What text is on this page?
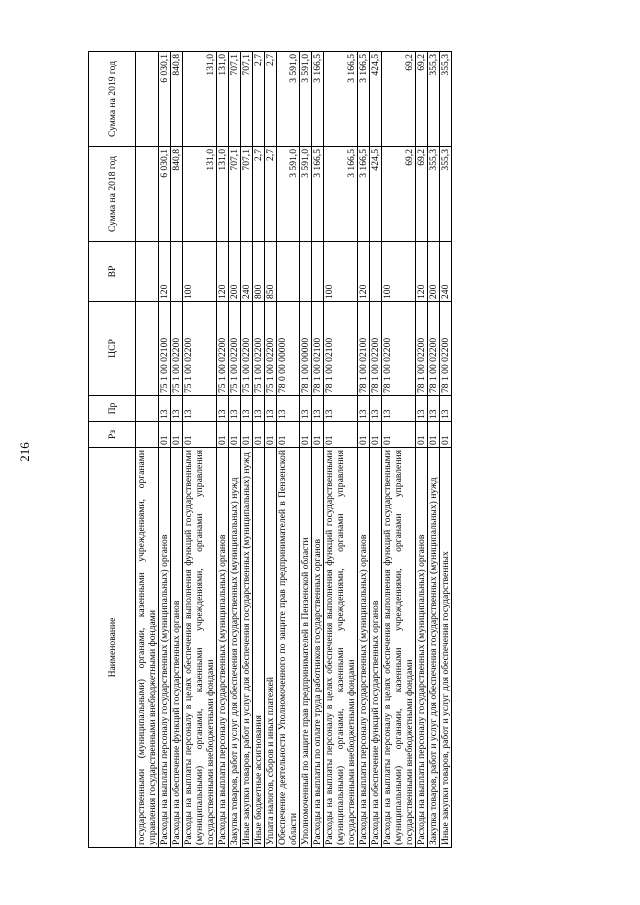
216
Наименование	Рз	Пр	ЦСР	ВР	Сумма на 2018 год	Сумма на 2019 год
государственными (муниципальными) органами, казенными учреждениями, органами управления государственными внебюджетными фондами						
Расходы на выплаты персоналу государственных (муниципальных) органов	01	13	75 1 00 02100	120	6 030,1	6 030,1
Расходы на обеспечение функций государственных органов	01	13	75 1 00 02200		840,8	840,8
Расходы на выплаты персоналу в целях обеспечения выполнения функций государственными (муниципальными) органами, казенными учреждениями, органами управления государственными внебюджетными фондами	01	13	75 1 00 02200	100	131,0	131,0
Расходы на выплаты персоналу государственных (муниципальных) органов	01	13	75 1 00 02200	120	131,0	131,0
Закупка товаров, работ и услуг для обеспечения государственных (муниципальных) нужд	01	13	75 1 00 02200	200	707,1	707,1
Иные закупки товаров, работ и услуг для обеспечения государственных (муниципальных) нужд	01	13	75 1 00 02200	240	707,1	707,1
Иные бюджетные ассигнования	01	13	75 1 00 02200	800	2,7	2,7
Уплата налогов, сборов и иных платежей	01	13	75 1 00 02200	850	2,7	2,7
Обеспечение деятельности Уполномоченного по защите прав предпринимателей в Пензенской области	01	13	78 0 00 00000		3 591,0	3 591,0
Уполномоченный по защите прав предпринимателей в Пензенской области	01	13	78 1 00 00000		3 591,0	3 591,0
Расходы на выплаты по оплате труда работников государственных органов	01	13	78 1 00 02100		3 166,5	3 166,5
Расходы на выплаты персоналу в целях обеспечения выполнения функций государственными (муниципальными) органами, казенными учреждениями, органами управления государственными внебюджетными фондами	01	13	78 1 00 02100	100	3 166,5	3 166,5
Расходы на выплаты персоналу государственных (муниципальных) органов	01	13	78 1 00 02100	120	3 166,5	3 166,5
Расходы на обеспечение функций государственных органов	01	13	78 1 00 02200		424,5	424,5
Расходы на выплаты персоналу в целях обеспечения выполнения функций государственными (муниципальными) органами, казенными учреждениями, органами управления государственными внебюджетными фондами	01	13	78 1 00 02200	100	69,2	69,2
Расходы на выплаты персоналу государственных (муниципальных) органов	01	13	78 1 00 02200	120	69,2	69,2
Закупка товаров, работ и услуг для обеспечения государственных (муниципальных) нужд	01	13	78 1 00 02200	200	355,3	355,3
Иные закупки товаров, работ и услуг для обеспечения государственных	01	13	78 1 00 02200	240	355,3	355,3
